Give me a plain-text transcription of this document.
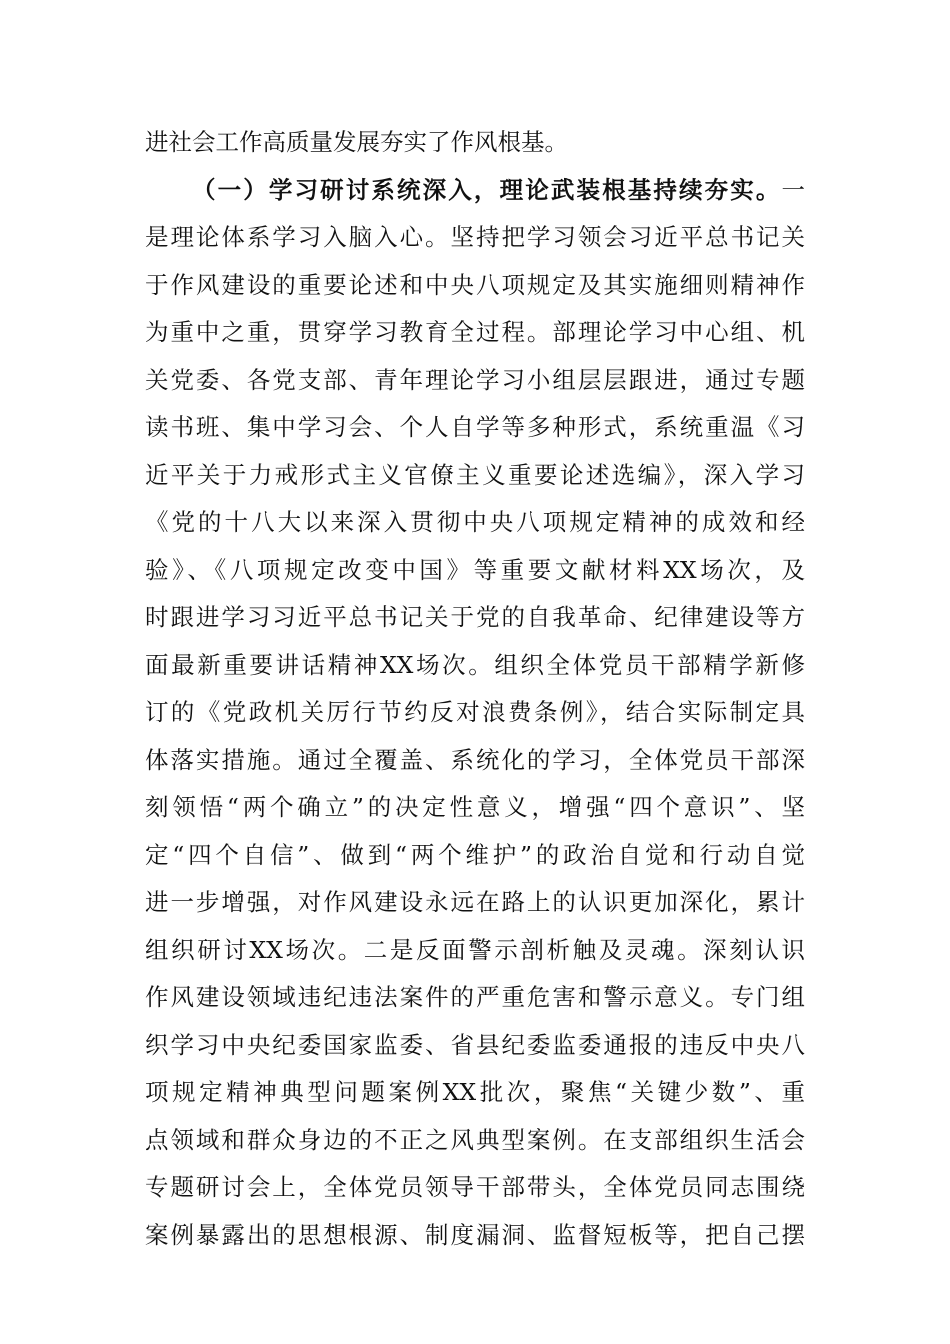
进社会工作高质量发展夯实了作风根基。
（一）学习研讨系统深入，理论武装根基持续夯实。一
是理论体系学习入脑入心。坚持把学习领会习近平总书记关
于作风建设的重要论述和中央八项规定及其实施细则精神作
为重中之重，贯穿学习教育全过程。部理论学习中心组、机
关党委、各党支部、青年理论学习小组层层跟进，通过专题
读书班、集中学习会、个人自学等多种形式，系统重温《习
近平关于力戒形式主义官僚主义重要论述选编》，深入学习
《党的十八大以来深入贯彻中央八项规定精神的成效和经
验》、《八项规定改变中国》等重要文献材料XX场次，及
时跟进学习习近平总书记关于党的自我革命、纪律建设等方
面最新重要讲话精神XX场次。组织全体党员干部精学新修
订的《党政机关厉行节约反对浪费条例》，结合实际制定具
体落实措施。通过全覆盖、系统化的学习，全体党员干部深
刻领悟“两个确立”的决定性意义，增强“四个意识”、坚
定“四个自信”、做到“两个维护”的政治自觉和行动自觉
进一步增强，对作风建设永远在路上的认识更加深化，累计
组织研讨XX场次。二是反面警示剖析触及灵魂。深刻认识
作风建设领域违纪违法案件的严重危害和警示意义。专门组
织学习中央纪委国家监委、省县纪委监委通报的违反中央八
项规定精神典型问题案例XX批次，聚焦“关键少数”、重
点领域和群众身边的不正之风典型案例。在支部组织生活会
专题研讨会上，全体党员领导干部带头，全体党员同志围绕
案例暴露出的思想根源、制度漏洞、监督短板等，把自己摆
